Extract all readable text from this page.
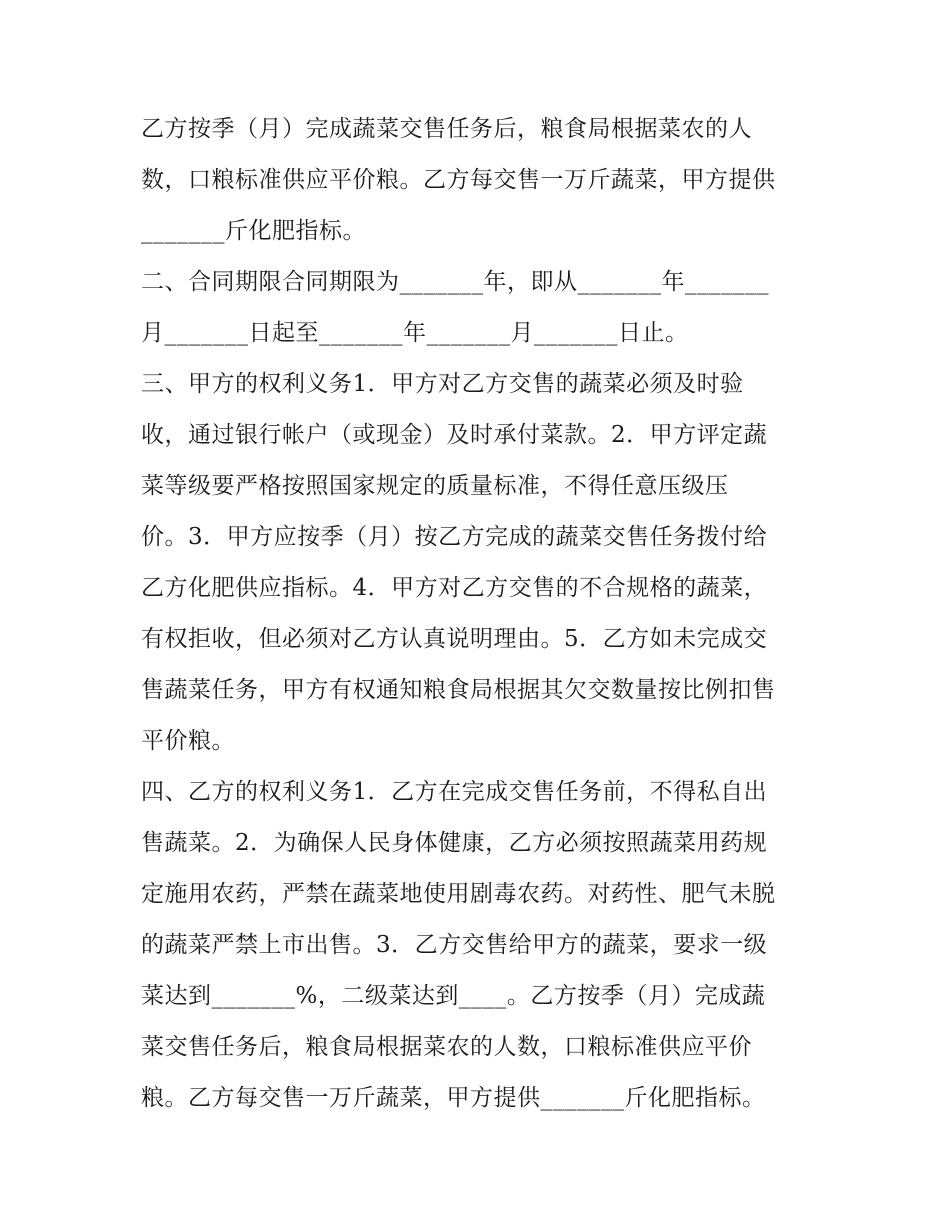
乙方按季（月）完成蔬菜交售任务后，粮食局根据菜农的人
数，口粮标准供应平价粮。乙方每交售一万斤蔬菜，甲方提供
_______斤化肥指标。
二、合同期限合同期限为_______年，即从_______年_______
月_______日起至_______年_______月_______日止。
三、甲方的权利义务1．甲方对乙方交售的蔬菜必须及时验
收，通过银行帐户（或现金）及时承付菜款。2．甲方评定蔬
菜等级要严格按照国家规定的质量标准，不得任意压级压
价。3．甲方应按季（月）按乙方完成的蔬菜交售任务拨付给
乙方化肥供应指标。4．甲方对乙方交售的不合规格的蔬菜，
有权拒收，但必须对乙方认真说明理由。5．乙方如未完成交
售蔬菜任务，甲方有权通知粮食局根据其欠交数量按比例扣售
平价粮。
四、乙方的权利义务1．乙方在完成交售任务前，不得私自出
售蔬菜。2．为确保人民身体健康，乙方必须按照蔬菜用药规
定施用农药，严禁在蔬菜地使用剧毒农药。对药性、肥气未脱
的蔬菜严禁上市出售。3．乙方交售给甲方的蔬菜，要求一级
菜达到_______%，二级菜达到____。乙方按季（月）完成蔬
菜交售任务后，粮食局根据菜农的人数，口粮标准供应平价
粮。乙方每交售一万斤蔬菜，甲方提供_______斤化肥指标。
